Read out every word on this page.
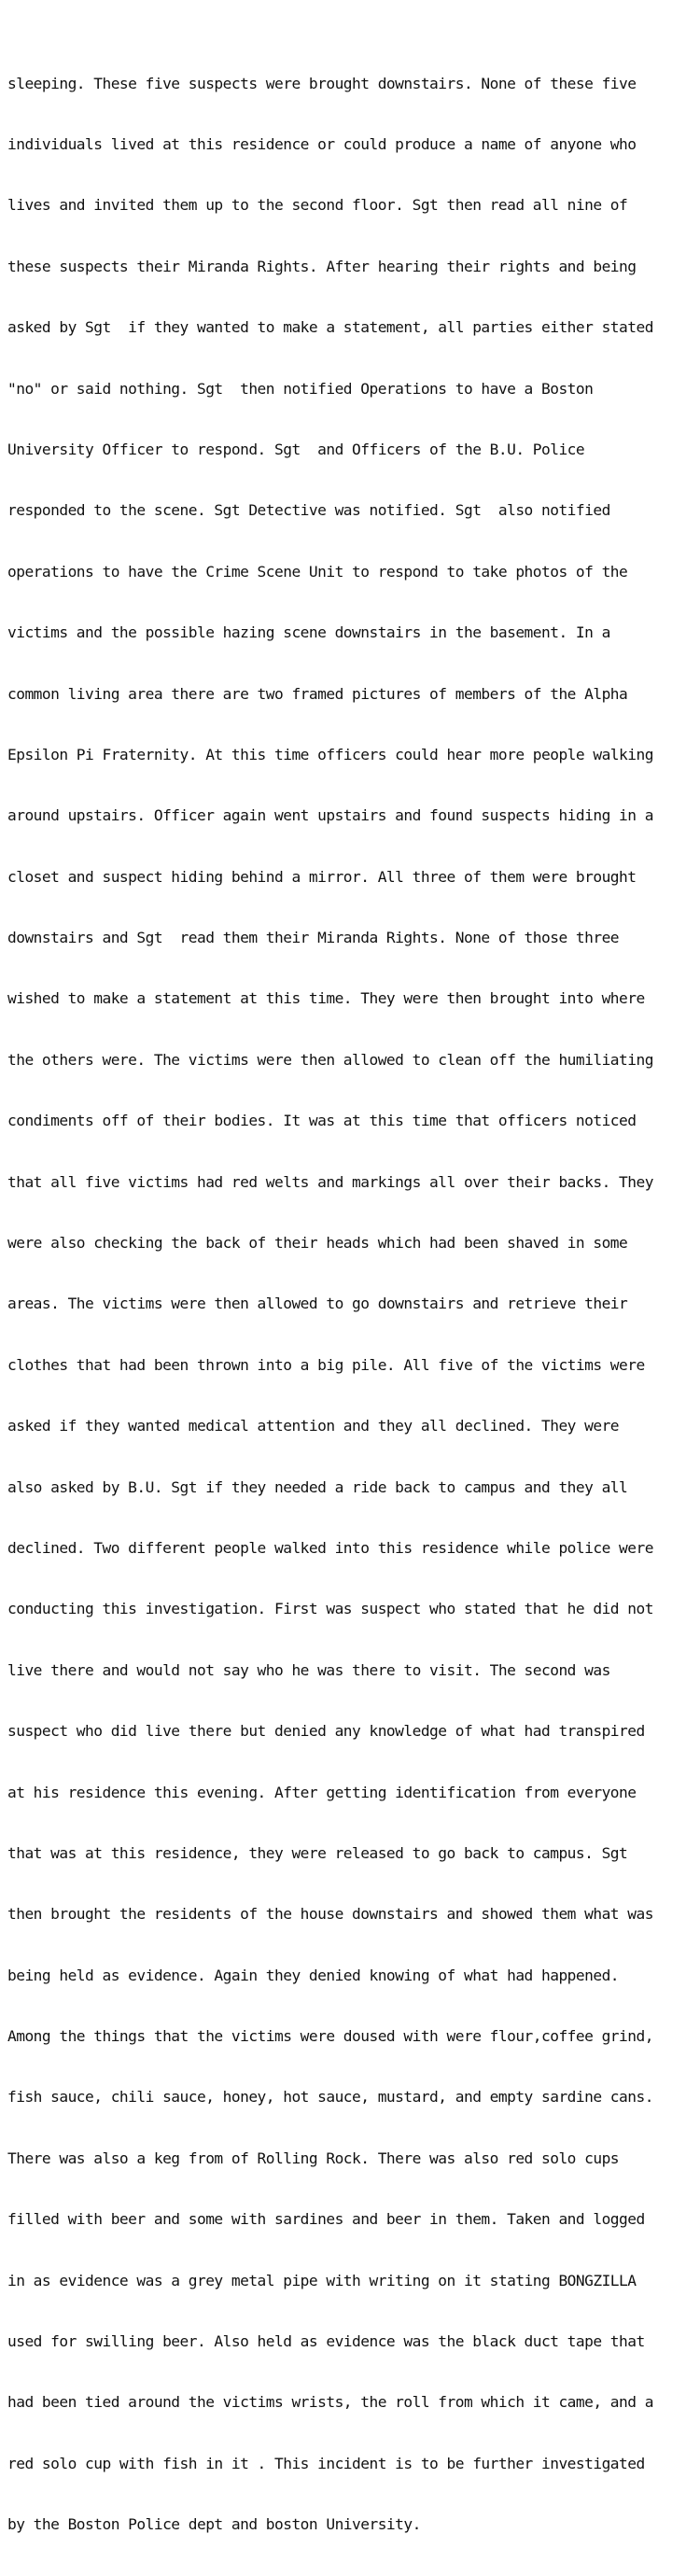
sleeping. These five suspects were brought downstairs. None of these five

individuals lived at this residence or could produce a name of anyone who

lives and invited them up to the second floor. Sgt then read all nine of

these suspects their Miranda Rights. After hearing their rights and being

asked by Sgt  if they wanted to make a statement, all parties either stated

"no" or said nothing. Sgt  then notified Operations to have a Boston

University Officer to respond. Sgt  and Officers of the B.U. Police

responded to the scene. Sgt Detective was notified. Sgt  also notified

operations to have the Crime Scene Unit to respond to take photos of the

victims and the possible hazing scene downstairs in the basement. In a

common living area there are two framed pictures of members of the Alpha

Epsilon Pi Fraternity. At this time officers could hear more people walking

around upstairs. Officer again went upstairs and found suspects hiding in a

closet and suspect hiding behind a mirror. All three of them were brought

downstairs and Sgt  read them their Miranda Rights. None of those three

wished to make a statement at this time. They were then brought into where

the others were. The victims were then allowed to clean off the humiliating

condiments off of their bodies. It was at this time that officers noticed

that all five victims had red welts and markings all over their backs. They

were also checking the back of their heads which had been shaved in some

areas. The victims were then allowed to go downstairs and retrieve their

clothes that had been thrown into a big pile. All five of the victims were

asked if they wanted medical attention and they all declined. They were

also asked by B.U. Sgt if they needed a ride back to campus and they all

declined. Two different people walked into this residence while police were

conducting this investigation. First was suspect who stated that he did not

live there and would not say who he was there to visit. The second was

suspect who did live there but denied any knowledge of what had transpired

at his residence this evening. After getting identification from everyone

that was at this residence, they were released to go back to campus. Sgt

then brought the residents of the house downstairs and showed them what was

being held as evidence. Again they denied knowing of what had happened.

Among the things that the victims were doused with were flour,coffee grind,

fish sauce, chili sauce, honey, hot sauce, mustard, and empty sardine cans.

There was also a keg from of Rolling Rock. There was also red solo cups

filled with beer and some with sardines and beer in them. Taken and logged

in as evidence was a grey metal pipe with writing on it stating BONGZILLA

used for swilling beer. Also held as evidence was the black duct tape that

had been tied around the victims wrists, the roll from which it came, and a

red solo cup with fish in it . This incident is to be further investigated

by the Boston Police dept and boston University.
